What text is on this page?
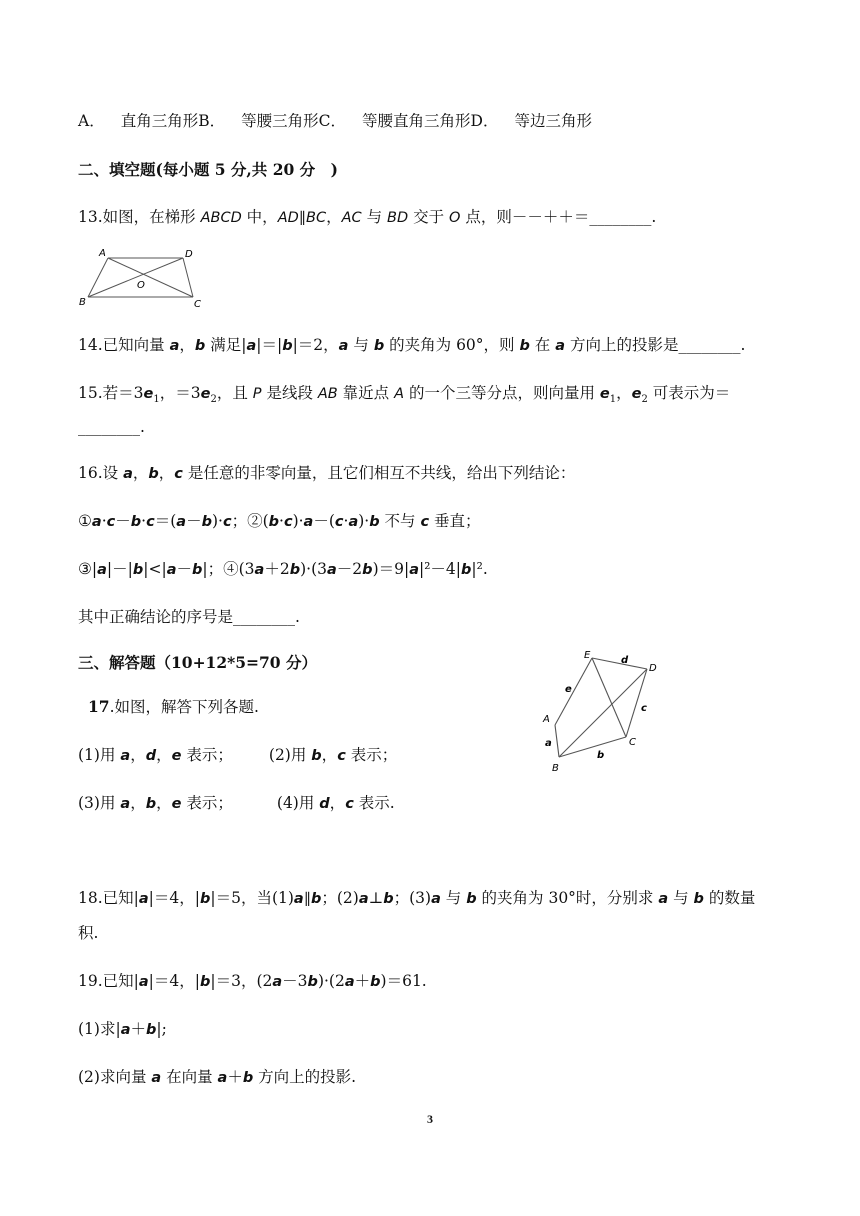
A． 直角三角形B． 等腰三角形C． 等腰直角三角形D． 等边三角形
二、填空题(每小题 5 分,共 20 分　)
13.如图，在梯形 ABCD 中，AD∥BC，AC 与 BD 交于 O 点，则－－＋＋＝________.
A	D
B	C
O
14.已知向量 a，b 满足|a|＝|b|＝2，a 与 b 的夹角为 60°，则 b 在 a 方向上的投影是________.
15.若$=3e_1$，$=3e_2$，且 P 是线段 AB 靠近点 A 的一个三等分点，则向量用 $e_1$，$e_2$ 可表示为＝
________.
16.设 a，b，c 是任意的非零向量，且它们相互不共线，给出下列结论：
①a·c－b·c＝(a－b)·c；②(b·c)·a－(c·a)·b 不与 c 垂直；
③|a|－|b|<|a－b|；④(3a＋2b)·(3a－2b)＝9|a|²－4|b|².
其中正确结论的序号是________.
三、解答题（10+12*5=70 分）
17.如图，解答下列各题.
(1)用 a，d，e 表示； (2)用 b，c 表示；
(3)用 a，b，e 表示；	(4)用 d，c 表示.
E
D
A
B
C
e
d
c
a
b
18.已知|a|＝4，|b|＝5，当(1)a∥b；(2)a⊥b；(3)a 与 b 的夹角为 30°时，分别求 a 与 b 的数量
积.
19.已知|a|＝4，|b|＝3，(2a－3b)·(2a＋b)＝61.
(1)求|a＋b|;
(2)求向量 a 在向量 a＋b 方向上的投影.
3
